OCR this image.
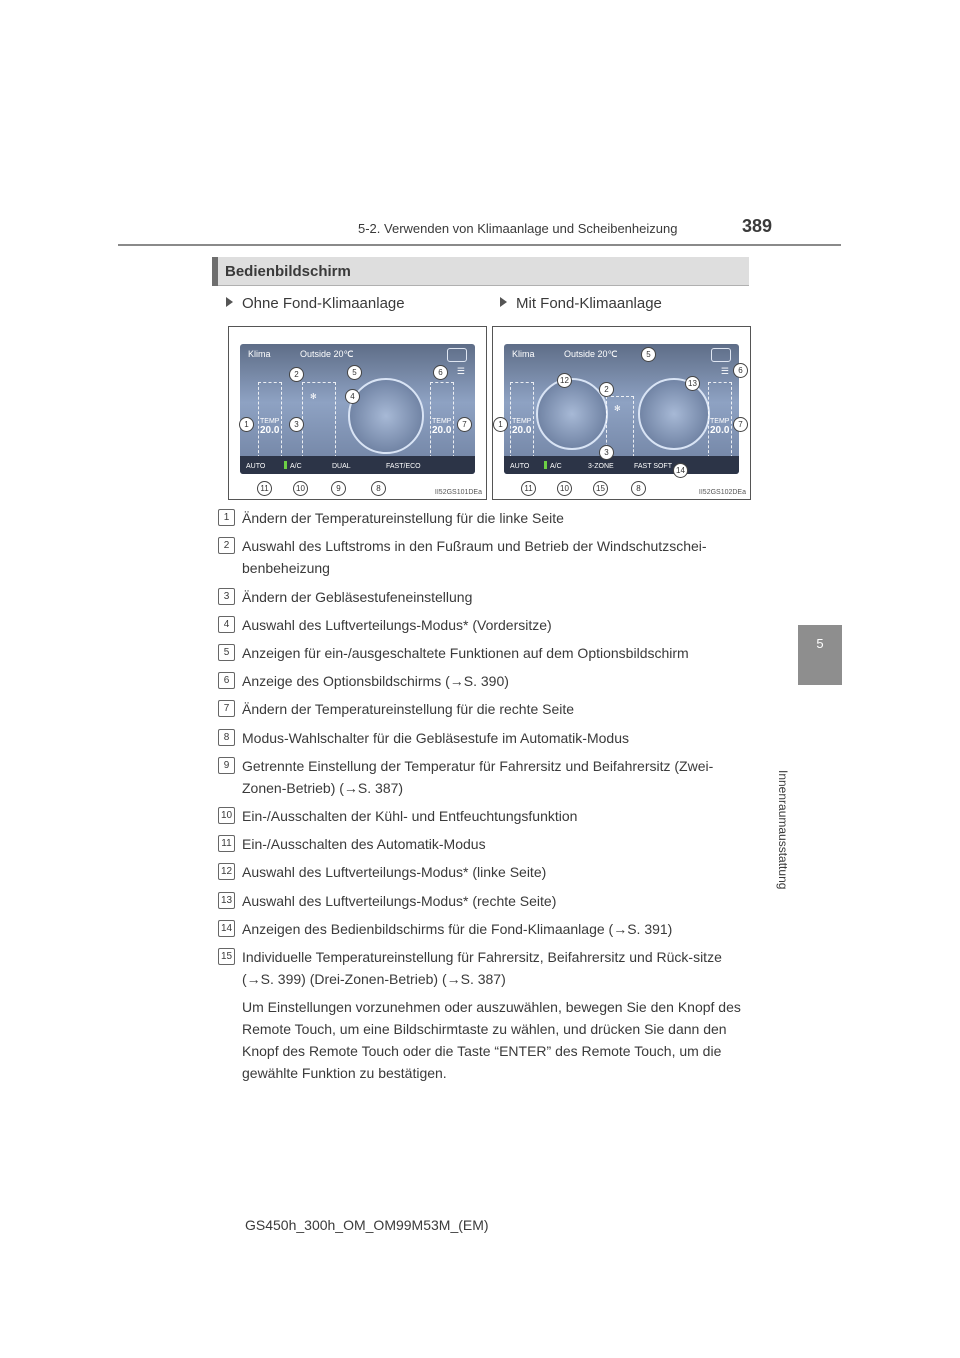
5-2. Verwenden von Klimaanlage und Scheibenheizung	389
5
Innenraumausstattung
Bedienbildschirm
Ohne Fond-Klimaanlage	Mit Fond-Klimaanlage
Klima	Outside 20℃
☰
TEMP
20.0
✻
TEMP
20.0
AUTO	A/C	DUAL	FAST/ECO
II52GS101DEa
1
2
3
4
5	6
7
8
9
10
11
Klima	Outside 20℃
☰
TEMP
20.0
✻
TEMP
20.0
AUTO	A/C	3-ZONE	FAST SOFT
II52GS102DEa
1
2
3
5
6
7
8
10
11
12	13
14
15
1 Ändern der Temperatureinstellung für die linke Seite
2 Auswahl des Luftstroms in den Fußraum und Betrieb der Windschutzschei-benbeheizung
3 Ändern der Gebläsestufeneinstellung
4 Auswahl des Luftverteilungs-Modus* (Vordersitze)
5 Anzeigen für ein-/ausgeschaltete Funktionen auf dem Optionsbildschirm
6 Anzeige des Optionsbildschirms (→S. 390)
7 Ändern der Temperatureinstellung für die rechte Seite
8 Modus-Wahlschalter für die Gebläsestufe im Automatik-Modus
9 Getrennte Einstellung der Temperatur für Fahrersitz und Beifahrersitz (Zwei-Zonen-Betrieb) (→S. 387)
10 Ein-/Ausschalten der Kühl- und Entfeuchtungsfunktion
11 Ein-/Ausschalten des Automatik-Modus
12 Auswahl des Luftverteilungs-Modus* (linke Seite)
13 Auswahl des Luftverteilungs-Modus* (rechte Seite)
14 Anzeigen des Bedienbildschirms für die Fond-Klimaanlage (→S. 391)
15 Individuelle Temperatureinstellung für Fahrersitz, Beifahrersitz und Rück-sitze (→S. 399) (Drei-Zonen-Betrieb) (→S. 387)
Um Einstellungen vorzunehmen oder auszuwählen, bewegen Sie den Knopf des Remote Touch, um eine Bildschirmtaste zu wählen, und drücken Sie dann den Knopf des Remote Touch oder die Taste “ENTER” des Remote Touch, um die gewählte Funktion zu bestätigen.
GS450h_300h_OM_OM99M53M_(EM)
